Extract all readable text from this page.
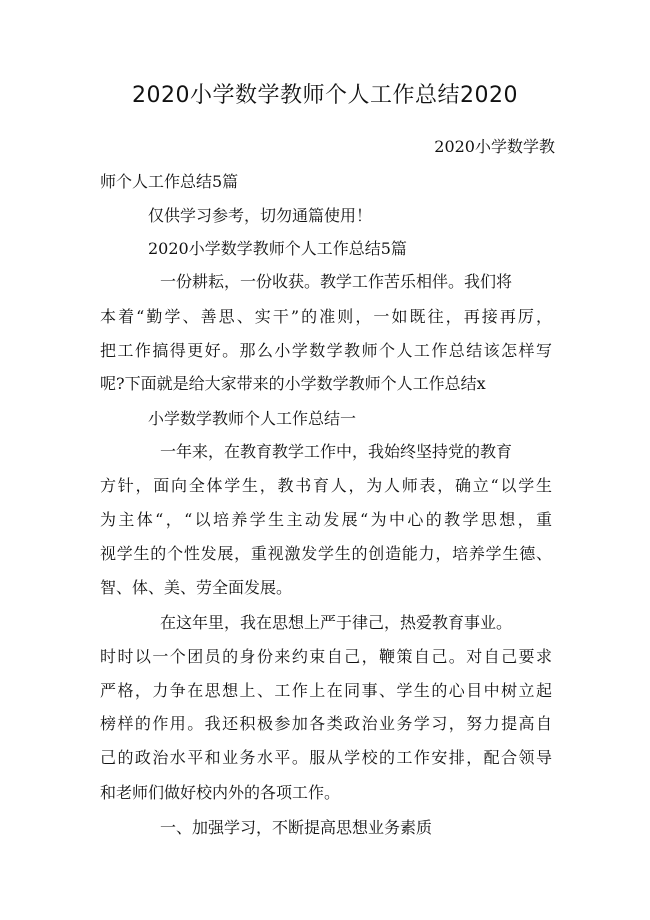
2020小学数学教师个人工作总结2020
2020小学数学教
师个人工作总结5篇
仅供学习参考，切勿通篇使用！
2020小学数学教师个人工作总结5篇
一份耕耘，一份收获。教学工作苦乐相伴。我们将
本着“勤学、善思、实干”的准则，一如既往，再接再厉，
把工作搞得更好。那么小学数学教师个人工作总结该怎样写
呢?下面就是给大家带来的小学数学教师个人工作总结x
小学数学教师个人工作总结一
一年来，在教育教学工作中，我始终坚持党的教育
方针，面向全体学生，教书育人，为人师表，确立“以学生
为主体“，“以培养学生主动发展“为中心的教学思想，重
视学生的个性发展，重视激发学生的创造能力，培养学生德、
智、体、美、劳全面发展。
在这年里，我在思想上严于律己，热爱教育事业。
时时以一个团员的身份来约束自己，鞭策自己。对自己要求
严格，力争在思想上、工作上在同事、学生的心目中树立起
榜样的作用。我还积极参加各类政治业务学习，努力提高自
己的政治水平和业务水平。服从学校的工作安排，配合领导
和老师们做好校内外的各项工作。
一、加强学习，不断提高思想业务素质
